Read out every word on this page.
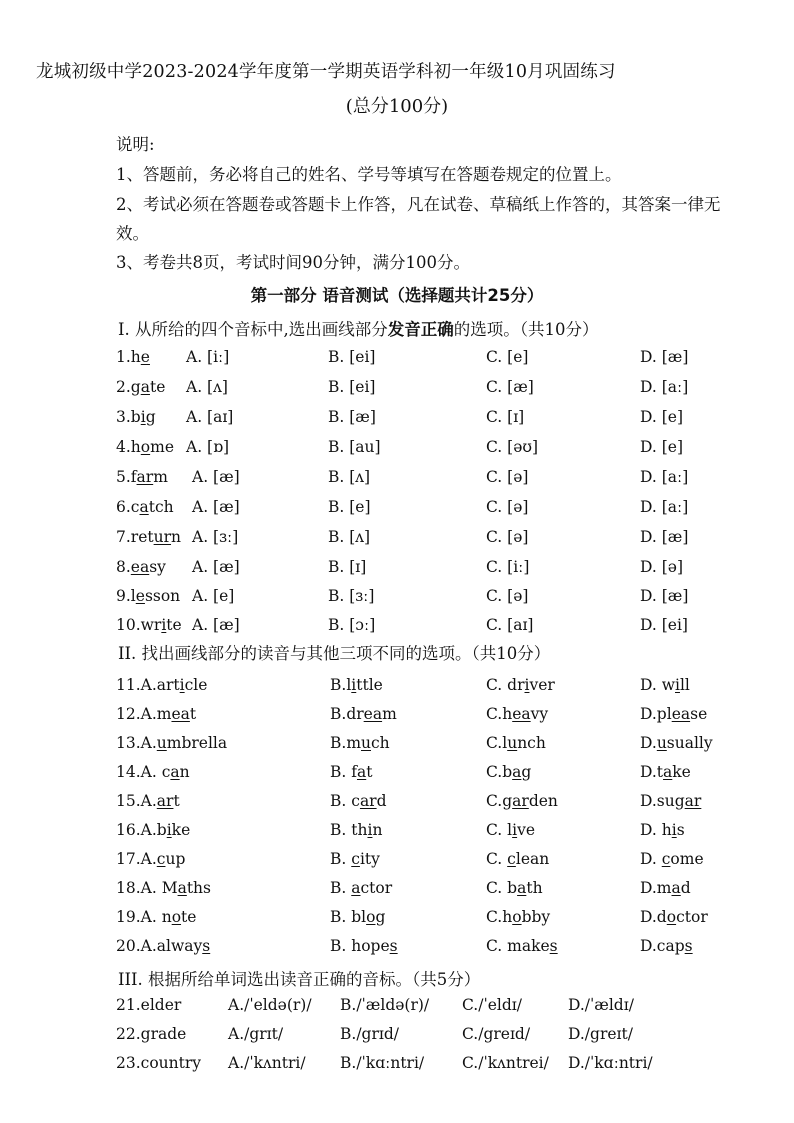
龙城初级中学2023-2024学年度第一学期英语学科初一年级10月巩固练习
(总分100分)
说明:
1、答题前，务必将自己的姓名、学号等填写在答题卷规定的位置上。
2、考试必须在答题卷或答题卡上作答，凡在试卷、草稿纸上作答的，其答案一律无效。
3、考卷共8页，考试时间90分钟，满分100分。
第一部分 语音测试（选择题共计25分）
I. 从所给的四个音标中,选出画线部分发音正确的选项。（共10分）
1.he A. [iː]	B. [ei]	C. [e]	D. [æ]
2.gate A. [ʌ]	B. [ei]	C. [æ]	D. [aː]
3.big A. [aɪ]	B. [æ]	C. [ɪ]	D. [e]
4.home A. [ɒ]	B. [au]	C. [əʊ]	D. [e]
5.farm A. [æ]	B. [ʌ]	C. [ə]	D. [aː]
6.catch A. [æ]	B. [e]	C. [ə]	D. [aː]
7.return A. [ɜː]	B. [ʌ]	C. [ə]	D. [æ]
8.easy A. [æ]	B. [ɪ]	C. [iː]	D. [ə]
9.lesson A. [e]	B. [ɜː]	C. [ə]	D. [æ]
10.write A. [æ]	B. [ɔː]	C. [aɪ]	D. [ei]
II. 找出画线部分的读音与其他三项不同的选项。（共10分）
11.A.article	B.little	C. driver	D. will
12.A.meat	B.dream	C.heavy	D.please
13.A.umbrella	B.much	C.lunch	D.usually
14.A. can	B. fat	C.bag	D.take
15.A.art	B. card	C.garden	D.sugar
16.A.bike	B. thin	C. live	D. his
17.A.cup	B. city	C. clean	D. come
18.A. Maths	B. actor	C. bath	D.mad
19.A. note	B. blog	C.hobby	D.doctor
20.A.always	B. hopes	C. makes	D.caps
III. 根据所给单词选出读音正确的音标。（共5分）
21.elder	A./ˈeldə(r)/ B./ˈældə(r)/ C./ˈeldɪ/	D./ˈældɪ/
22.grade	A./grɪt/	B./grɪd/	C./greɪd/ D./greɪt/
23.country A./ˈkʌntri/ B./ˈkɑːntri/ C./ˈkʌntrei/ D./ˈkɑːntri/
